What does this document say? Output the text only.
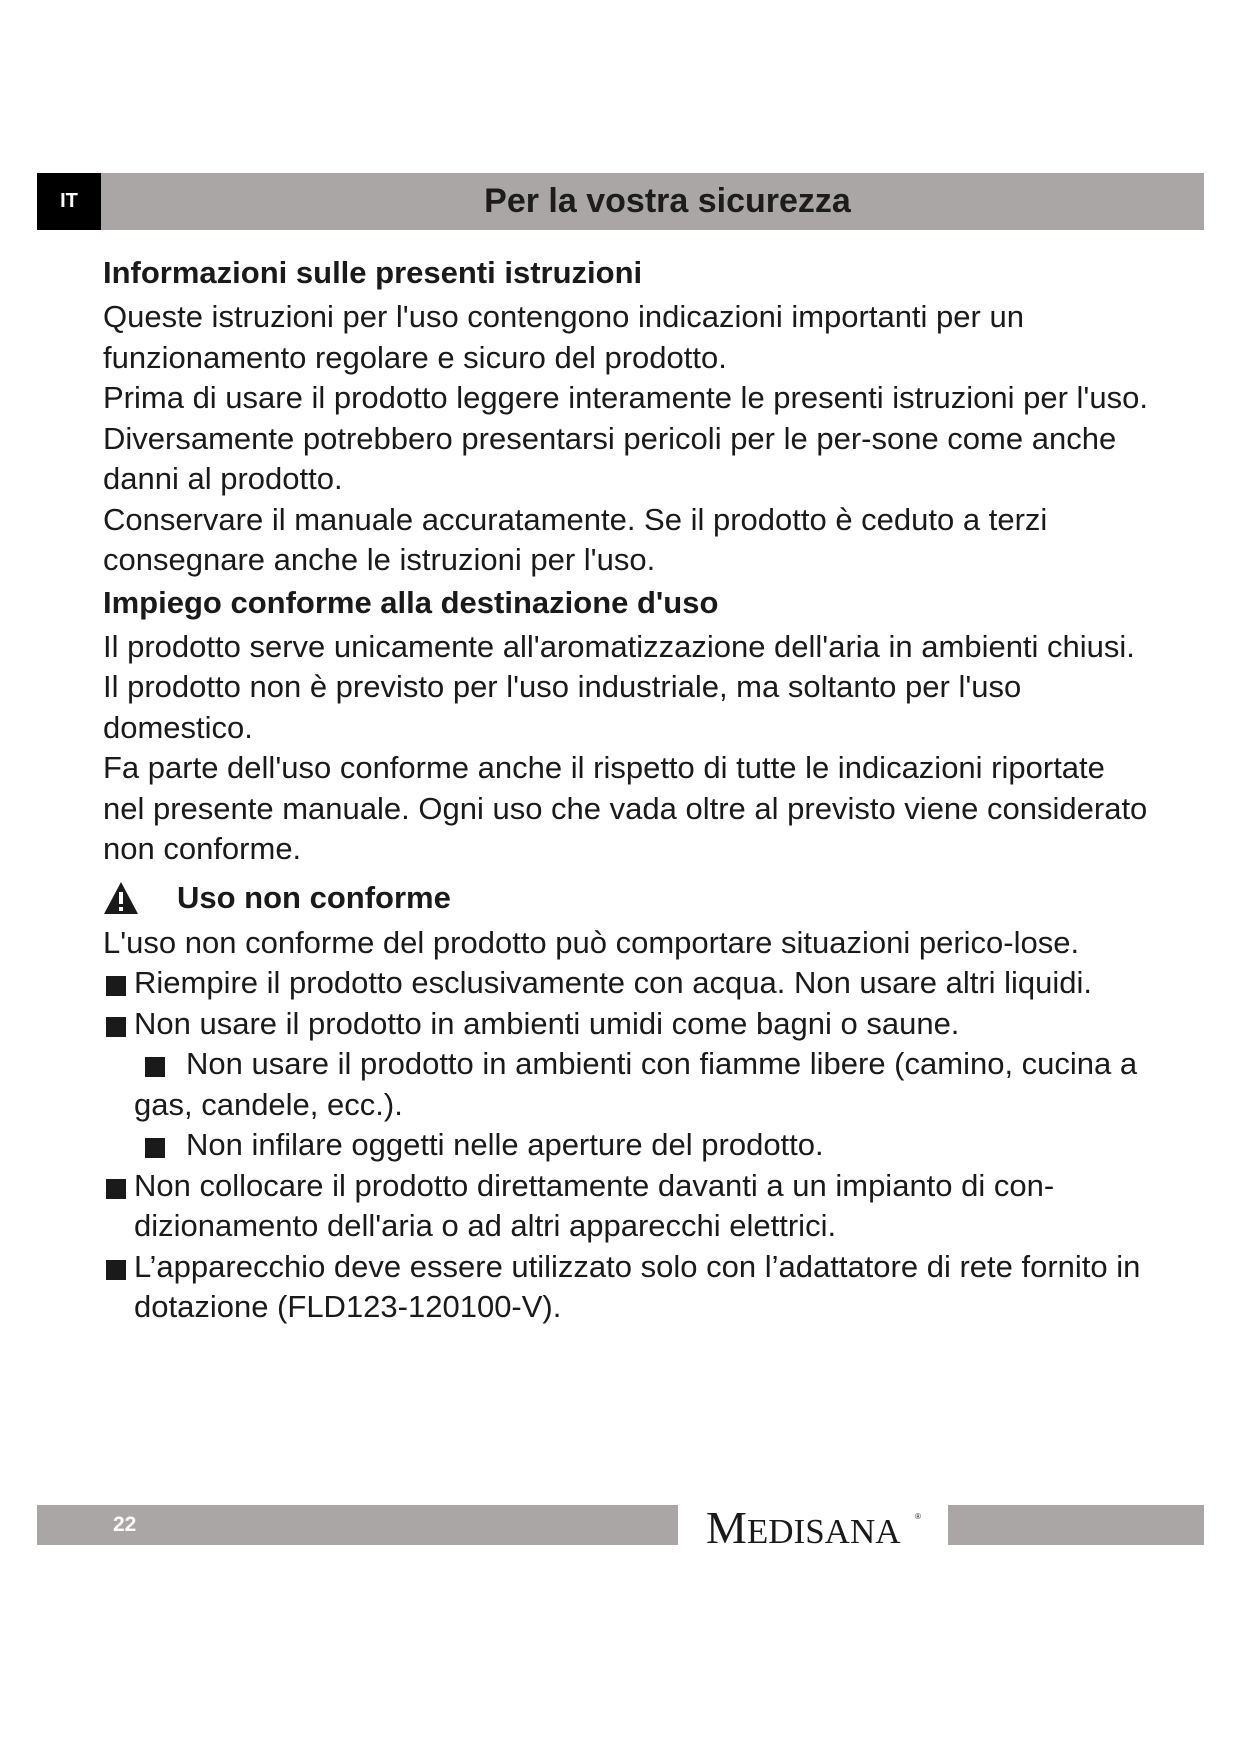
IT	Per la vostra sicurezza
Informazioni sulle presenti istruzioni

Queste istruzioni per l'uso contengono indicazioni importanti per un funzionamento regolare e sicuro del prodotto.

Prima di usare il prodotto leggere interamente le presenti istruzioni per l'uso. Diversamente potrebbero presentarsi pericoli per le per-sone come anche danni al prodotto.

Conservare il manuale accuratamente. Se il prodotto è ceduto a terzi consegnare anche le istruzioni per l'uso.

Impiego conforme alla destinazione d'uso

Il prodotto serve unicamente all'aromatizzazione dell'aria in ambienti chiusi. Il prodotto non è previsto per l'uso industriale, ma soltanto per l'uso domestico.

Fa parte dell'uso conforme anche il rispetto di tutte le indicazioni riportate nel presente manuale. Ogni uso che vada oltre al previsto viene considerato non conforme.

Uso non conforme

L'uso non conforme del prodotto può comportare situazioni perico-lose.

Riempire il prodotto esclusivamente con acqua. Non usare altri liquidi.
Non usare il prodotto in ambienti umidi come bagni o saune.
Non usare il prodotto in ambienti con fiamme libere (camino, cucina a gas, candele, ecc.).
Non infilare oggetti nelle aperture del prodotto.
Non collocare il prodotto direttamente davanti a un impianto di con-dizionamento dell'aria o ad altri apparecchi elettrici.
L’apparecchio deve essere utilizzato solo con l’adattatore di rete fornito in dotazione (FLD123-120100-V).
22	MEDISANA ®
